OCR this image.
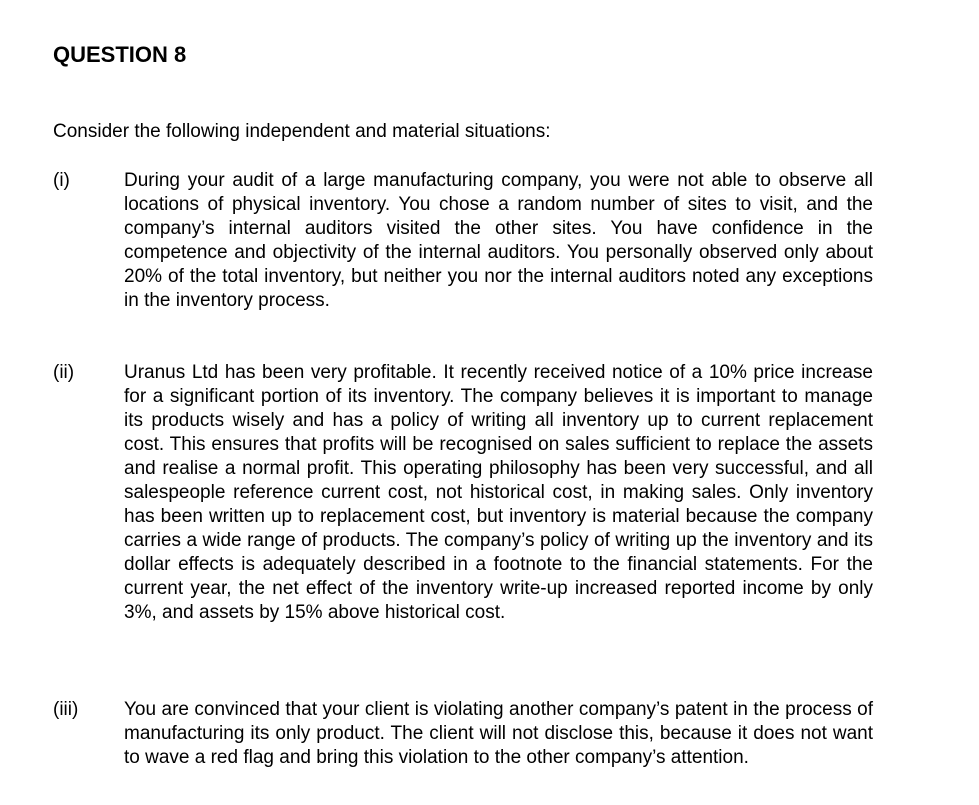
QUESTION 8

Consider the following independent and material situations:

(i)	During your audit of a large manufacturing company, you were not able to observe all locations of physical inventory. You chose a random number of sites to visit, and the company’s internal auditors visited the other sites. You have confidence in the competence and objectivity of the internal auditors. You personally observed only about 20% of the total inventory, but neither you nor the internal auditors noted any exceptions in the inventory process.

(ii)	Uranus Ltd has been very profitable. It recently received notice of a 10% price increase for a significant portion of its inventory. The company believes it is important to manage its products wisely and has a policy of writing all inventory up to current replacement cost. This ensures that profits will be recognised on sales sufficient to replace the assets and realise a normal profit. This operating philosophy has been very successful, and all salespeople reference current cost, not historical cost, in making sales. Only inventory has been written up to replacement cost, but inventory is material because the company carries a wide range of products. The company’s policy of writing up the inventory and its dollar effects is adequately described in a footnote to the financial statements. For the current year, the net effect of the inventory write-up increased reported income by only 3%, and assets by 15% above historical cost.

(iii) You are convinced that your client is violating another company’s patent in the process of manufacturing its only product. The client will not disclose this, because it does not want to wave a red flag and bring this violation to the other company’s attention.
